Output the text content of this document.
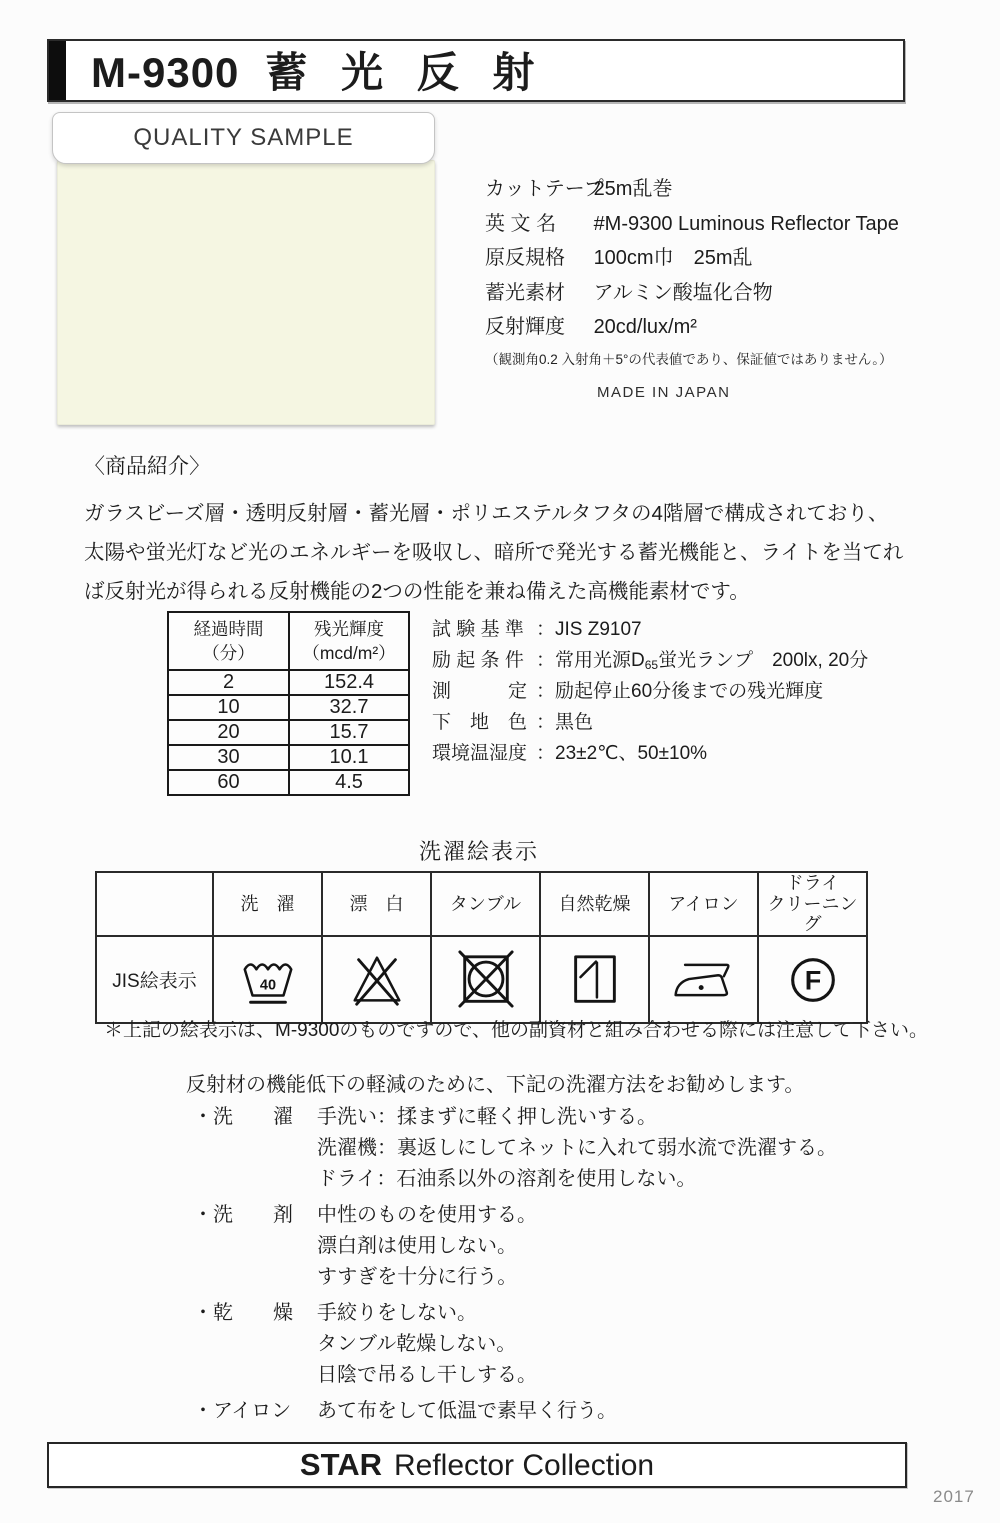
M-9300 蓄 光 反 射
QUALITY SAMPLE
カットテープ 25m乱巻
英 文 名 #M-9300 Luminous Reflector Tape
原反規格 100cm巾　25m乱
蓄光素材 アルミン酸塩化合物
反射輝度 20cd/lux/m²
（観測角0.2 入射角＋5°の代表値であり、保証値ではありません。）
MADE IN JAPAN
〈商品紹介〉
ガラスビーズ層・透明反射層・蓄光層・ポリエステルタフタの4階層で構成されており、
太陽や蛍光灯など光のエネルギーを吸収し、暗所で発光する蓄光機能と、ライトを当てれ
ば反射光が得られる反射機能の2つの性能を兼ね備えた高機能素材です。
経過時間
（分）	残光輝度
（mcd/m²）
2	152.4
10	32.7
20	15.7
30	10.1
60	4.5
試 験 基 準 ：JIS Z9107
励 起 条 件 ：常用光源D65蛍光ランプ　200lx, 20分
測　　　定 ：励起停止60分後までの残光輝度
下　地　色 ：黒色
環境温湿度 ：23±2℃、50±10%
洗濯絵表示
	洗　濯	漂　白	タンブル	自然乾燥	アイロン	ドライ
クリーニング
JIS絵表示	40					F
＊上記の絵表示は、M-9300のものですので、他の副資材と組み合わせる際には注意して下さい。
反射材の機能低下の軽減のために、下記の洗濯方法をお勧めします。
・洗　　濯	手洗い：揉まずに軽く押し洗いする。
洗濯機：裏返しにしてネットに入れて弱水流で洗濯する。
ドライ：石油系以外の溶剤を使用しない。
・洗　　剤	中性のものを使用する。
漂白剤は使用しない。
すすぎを十分に行う。
・乾　　燥	手絞りをしない。
タンブル乾燥しない。
日陰で吊るし干しする。
・アイロン	あて布をして低温で素早く行う。
STAR Reflector Collection
2017
